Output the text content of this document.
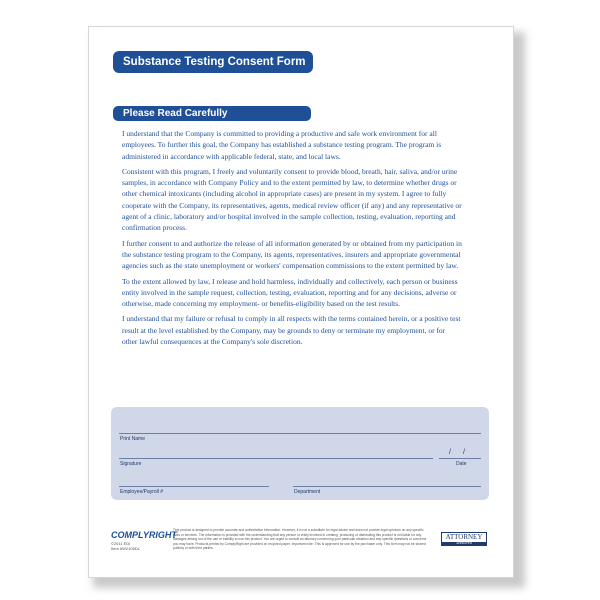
Substance Testing Consent Form
Please Read Carefully

I understand that the Company is committed to providing a productive and safe work environment for all employees. To further this goal, the Company has established a substance testing program. The program is administered in accordance with applicable federal, state, and local laws.

Consistent with this program, I freely and voluntarily consent to provide blood, breath, hair, saliva, and/or urine samples, in accordance with Company Policy and to the extent permitted by law, to determine whether drugs or other chemical intoxicants (including alcohol in appropriate cases) are present in my system. I agree to fully cooperate with the Company, its representatives, agents, medical review officer (if any) and any representative or agent of a clinic, laboratory and/or hospital involved in the sample collection, testing, evaluation, reporting and confirmation process.

I further consent to and authorize the release of all information generated by or obtained from my participation in the substance testing program to the Company, its agents, representatives, insurers and appropriate governmental agencies such as the state unemployment or workers' compensation commissions to the extent permitted by law.

To the extent allowed by law, I release and hold harmless, individually and collectively, each person or business entity involved in the sample request, collection, testing, evaluation, reporting and for any decisions, adverse or otherwise, made concerning my employment- or benefits-eligibility based on the test results.

I understand that my failure or refusal to comply in all respects with the terms contained herein, or a positive test result at the level established by the Company, may be grounds to deny or terminate my employment, or for other lawful consequences at the Company's sole discretion.

Print Name
Signature
/ /
Date
Employee/Payroll #	Department
COMPLYRIGHT
©2011 EDI
Item #W2105DL
This product is designed to provide accurate and authoritative information. However, it is not a substitute for legal advice and does not provide legal opinions on any specific facts or services. The information is provided with the understanding that any person or entity involved in creating, producing or distributing this product is not liable for any damages arising out of the use or inability to use this product. You are urged to consult an attorney concerning your particular situation and any specific questions or concerns you may have. Products printed by ComplyRight are provided on recycled paper. Important note: This is approved for use by the purchaser only. This form may not be shared publicly or with third parties.
ATTORNEY
APPROVED
